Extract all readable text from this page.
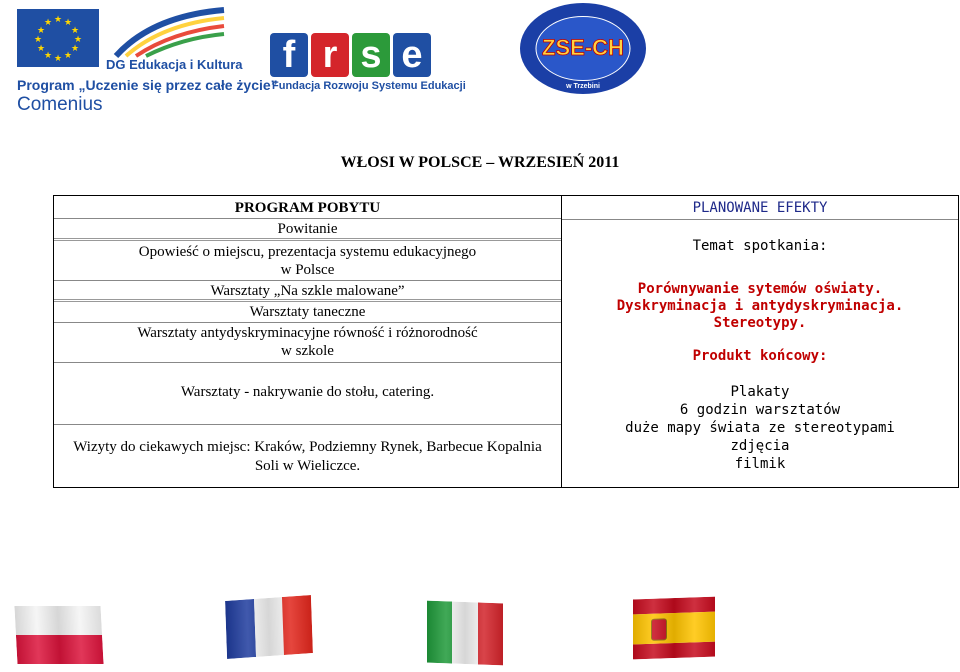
★ ★
★
★
★
★
★
★
★
★
★
★
DG Edukacja i Kultura
Program „Uczenie się przez całe życie”
Comenius
f r s e
Fundacja Rozwoju Systemu Edukacji
ZSE-CH
w Trzebini
WŁOSI W POLSCE – WRZESIEŃ 2011
PROGRAM POBYTU
Powitanie
Opowieść o miejscu, prezentacja systemu edukacyjnego
w Polsce
Warsztaty „Na szkle malowane”
Warsztaty taneczne
Warsztaty antydyskryminacyjne równość i różnorodność
w szkole
Warsztaty - nakrywanie do stołu, catering.
Wizyty do ciekawych miejsc: Kraków, Podziemny Rynek, Barbecue Kopalnia
Soli w Wieliczce.
PLANOWANE EFEKTY
Temat spotkania:
Porównywanie sytemów oświaty.
Dyskryminacja i antydyskryminacja.
Stereotypy.
Produkt końcowy:
Plakaty
6 godzin warsztatów
duże mapy świata ze stereotypami
zdjęcia
filmik
